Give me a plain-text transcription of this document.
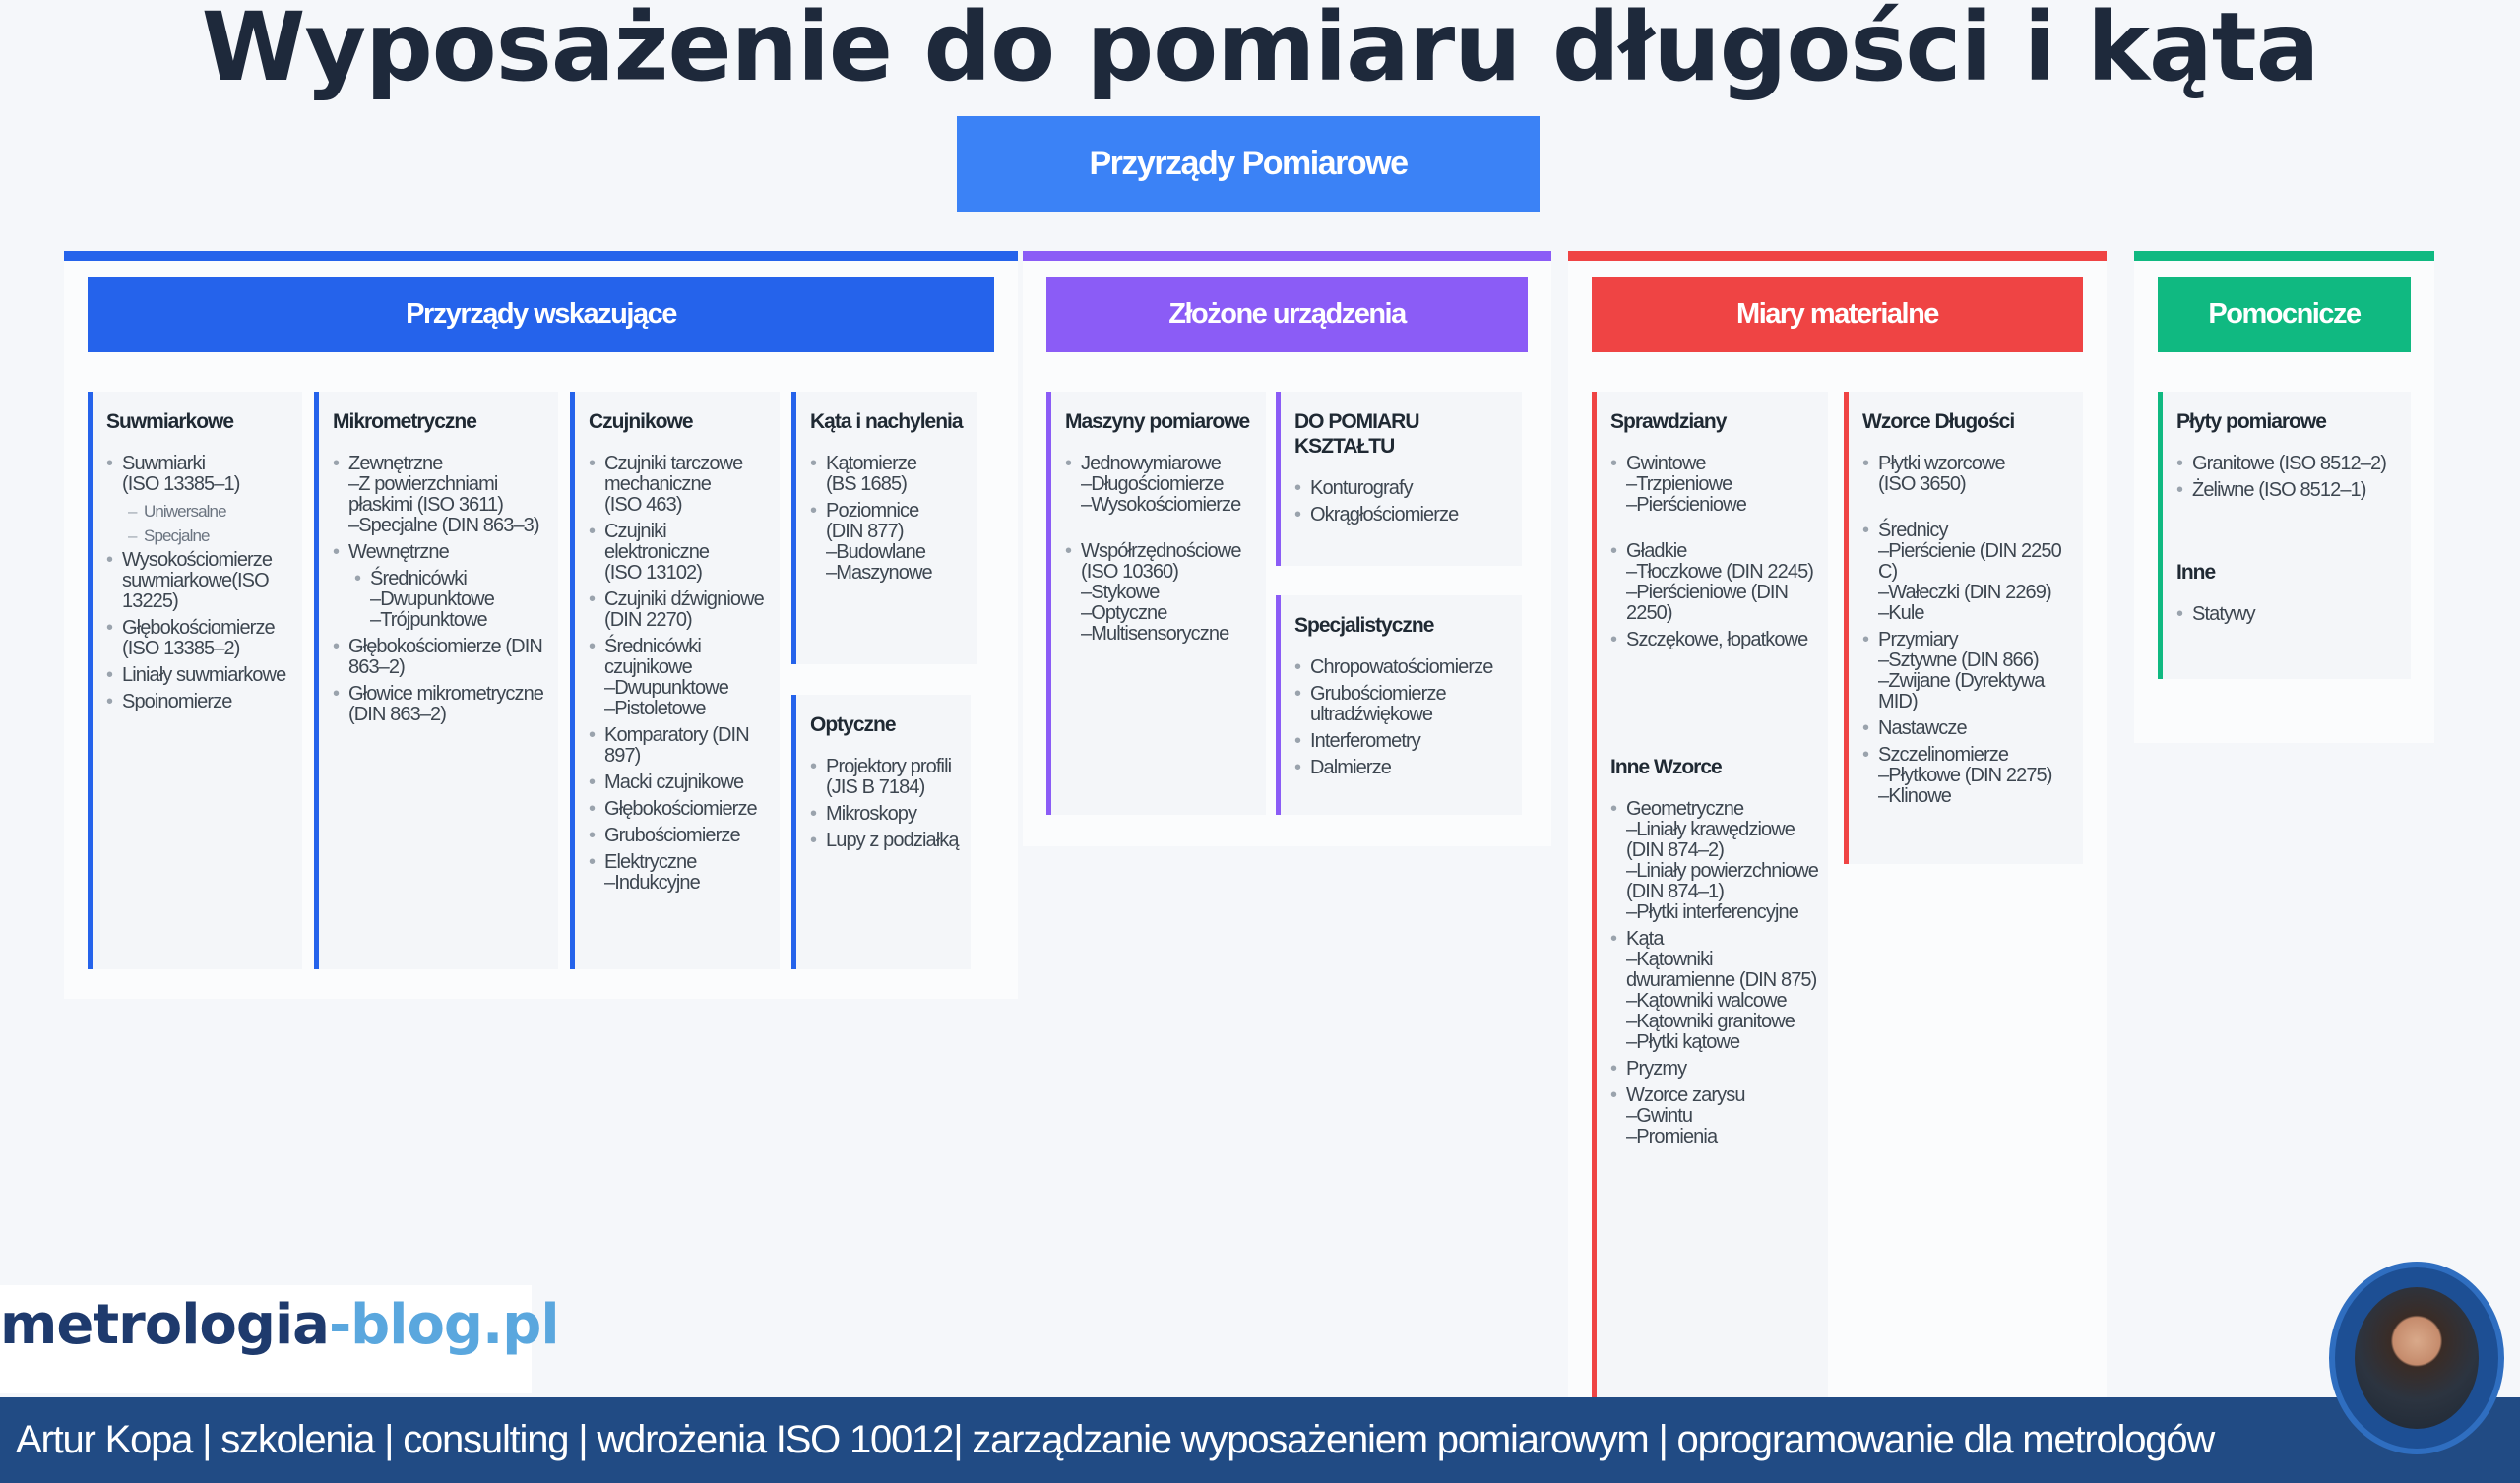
Wyposażenie do pomiaru długości i kąta
Przyrządy Pomiarowe
Przyrządy wskazujące	Złożone urządzenia	Miary materialne	Pomocnicze
Suwmiarkowe
• Suwmiarki
(ISO 13385–1)
– Uniwersalne
– Specjalne
• Wysokościomierze suwmiarkowe(ISO 13225)
• Głębokościomierze (ISO 13385–2)
• Liniały suwmiarkowe
• Spoinomierze
Mikrometryczne
• Zewnętrzne
–Z powierzchniami płaskimi (ISO 3611)
–Specjalne (DIN 863–3)
• Wewnętrzne
• Średnicówki
–Dwupunktowe
–Trójpunktowe
• Głębokościomierze (DIN 863–2)
• Głowice mikrometryczne (DIN 863–2)
Czujnikowe
• Czujniki tarczowe mechaniczne
(ISO 463)
• Czujniki elektroniczne
(ISO 13102)
• Czujniki dźwigniowe (DIN 2270)
• Średnicówki czujnikowe
–Dwupunktowe
–Pistoletowe
• Komparatory (DIN 897)
• Macki czujnikowe
• Głębokościomierze
• Grubościomierze
• Elektryczne
–Indukcyjne
Kąta i nachylenia
• Kątomierze
(BS 1685)
• Poziomnice
(DIN 877)
–Budowlane
–Maszynowe
Optyczne
• Projektory profili (JIS B 7184)
• Mikroskopy
• Lupy z podziałką
Maszyny pomiarowe
• Jednowymiarowe
–Długościomierze
–Wysokościomierze
• Współrzędnościowe (ISO 10360)
–Stykowe
–Optyczne
–Multisensoryczne
DO POMIARU KSZTAŁTU
• Konturografy
• Okrągłościomierze
Specjalistyczne
• Chropowatościomierze
• Grubościomierze ultradźwiękowe
• Interferometry
• Dalmierze
Sprawdziany
• Gwintowe
–Trzpieniowe
–Pierścieniowe
• Gładkie
–Tłoczkowe (DIN 2245)
–Pierścieniowe (DIN 2250)
• Szczękowe, łopatkowe
Inne Wzorce
• Geometryczne
–Liniały krawędziowe (DIN 874–2)
–Liniały powierzchniowe (DIN 874–1)
–Płytki interferencyjne
• Kąta
–Kątowniki dwuramienne (DIN 875)
–Kątowniki walcowe
–Kątowniki granitowe
–Płytki kątowe
• Pryzmy
• Wzorce zarysu
–Gwintu
–Promienia
Wzorce Długości
• Płytki wzorcowe
(ISO 3650)
• Średnicy
–Pierścienie (DIN 2250 C)
–Wałeczki (DIN 2269)
–Kule
• Przymiary
–Sztywne (DIN 866)
–Zwijane (Dyrektywa MID)
• Nastawcze
• Szczelinomierze
–Płytkowe (DIN 2275)
–Klinowe
Płyty pomiarowe
• Granitowe (ISO 8512–2)
• Żeliwne (ISO 8512–1)
Inne
• Statywy
metrologia-blog.pl
Artur Kopa | szkolenia | consulting | wdrożenia ISO 10012| zarządzanie wyposażeniem pomiarowym | oprogramowanie dla metrologów
